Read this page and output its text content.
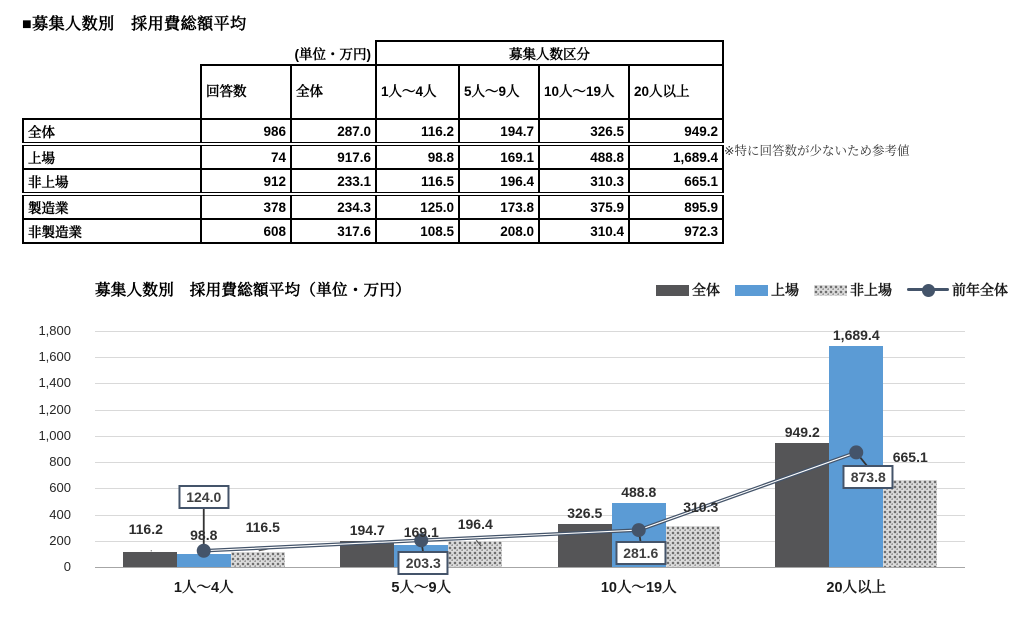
■募集人数別　採用費総額平均
	(単位・万円)		募集人数区分			
	回答数	全体	1人～4人	5人～9人	10人～19人	20人以上
全体	986	287.0	116.2	194.7	326.5	949.2
上場	74	917.6	98.8	169.1	488.8	1,689.4
非上場	912	233.1	116.5	196.4	310.3	665.1
製造業	378	234.3	125.0	173.8	375.9	895.9
非製造業	608	317.6	108.5	208.0	310.4	972.3
※特に回答数が少ないため参考値
募集人数別　採用費総額平均（単位・万円）	全体	上場	非上場	前年全体
0
200
400
600
800
1,000
1,200
1,400
1,600
1,800
116.2	194.7
326.5
949.2
98.8	169.1
488.8
1,689.4
116.5	196.4
310.3
665.1
124.0
203.3
281.6
873.8
1人～4人	5人～9人	10人～19人	20人以上
